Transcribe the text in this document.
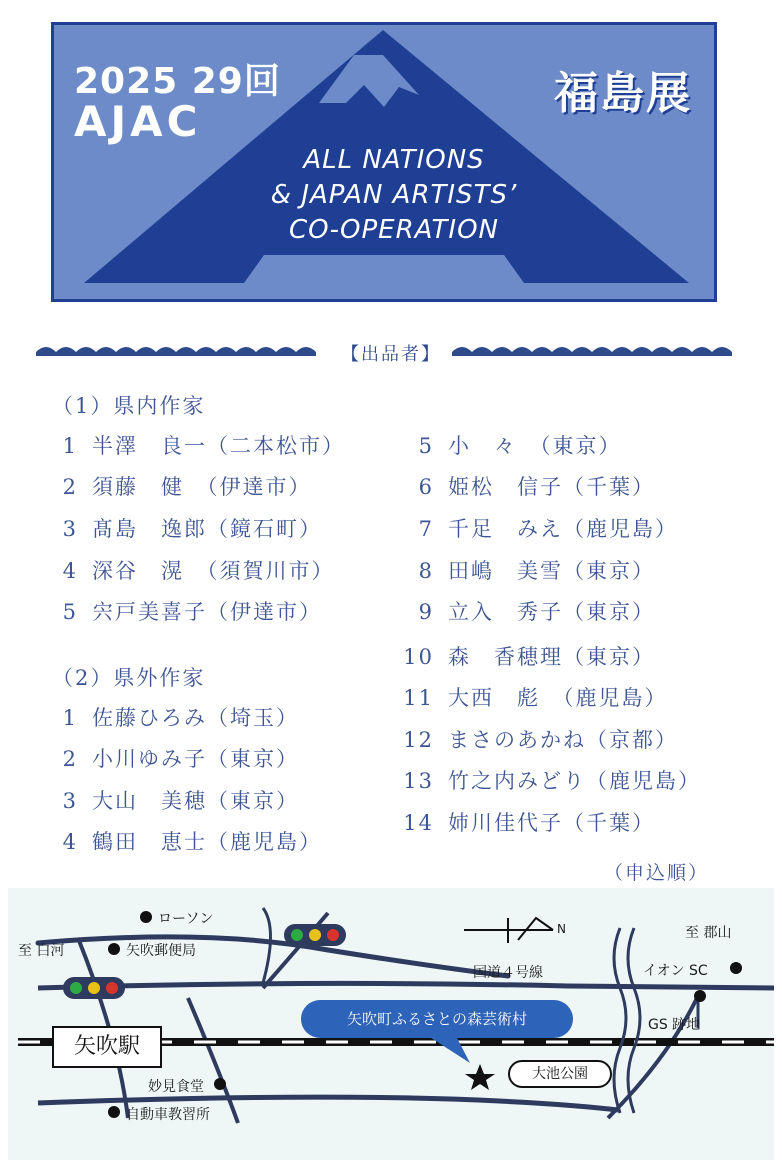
2025 29回
AJAC
福島展
ALL NATIONS
& JAPAN ARTISTS’
CO-OPERATION
【出品者】
（1）県内作家
1 半澤　良一（二本松市）
2 須藤　健　（伊達市）
3 髙島　逸郎（鏡石町）
4 深谷　滉　（須賀川市）
5 宍戸美喜子（伊達市）
（2）県外作家
1 佐藤ひろみ（埼玉）
2 小川ゆみ子（東京）
3 大山　美穂（東京）
4 鶴田　恵士（鹿児島）
5 小　々　（東京）
6 姫松　信子（千葉）
7 千足　みえ（鹿児島）
8 田嶋　美雪（東京）
9 立入　秀子（東京）
10 森　香穂理（東京）
11 大西　彪　（鹿児島）
12 まさのあかね（京都）
13 竹之内みどり（鹿児島）
14 姉川佳代子（千葉）
（申込順）
ローソン
至 白河	矢吹郵便局
矢吹駅
妙見食堂
自動車教習所
N	至 郡山
国道４号線	イオン SC
GS 跡地
矢吹町ふるさとの森芸術村
大池公園
